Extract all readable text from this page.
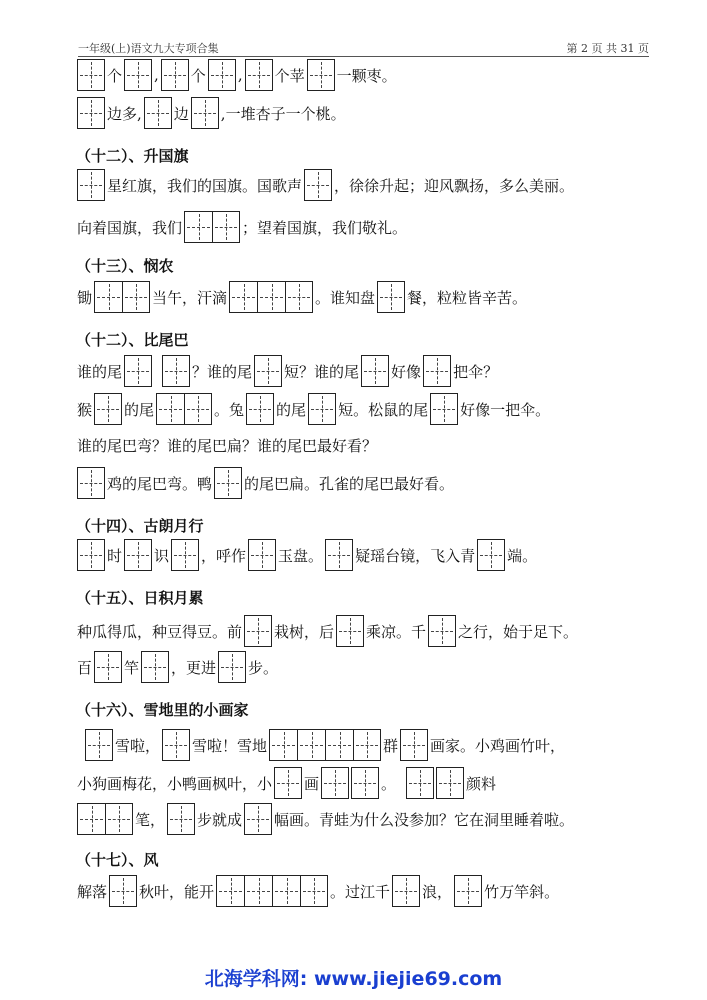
一年级(上)语文九大专项合集	第 2 页 共 31 页
个 , 个 , 个苹 一颗枣。
边多, 边 ,一堆杏子一个桃。
（十二）、升国旗
星红旗，我们的国旗。国歌声 ，徐徐升起；迎风飘扬，多么美丽。
向着国旗，我们	；望着国旗，我们敬礼。
（十三）、悯农
锄	当午，汗滴	。谁知盘 餐，粒粒皆辛苦。
（十二）、比尾巴
谁的尾	？谁的尾 短？谁的尾 好像 把伞？
猴 的尾	。兔 的尾 短。松鼠的尾 好像一把伞。
谁的尾巴弯？谁的尾巴扁？谁的尾巴最好看？
鸡的尾巴弯。鸭 的尾巴扁。孔雀的尾巴最好看。
（十四）、古朗月行
时 识 ，呼作 玉盘。 疑瑶台镜，飞入青 端。
（十五）、日积月累
种瓜得瓜，种豆得豆。前 栽树，后 乘凉。千 之行，始于足下。
百 竿 ，更进 步。
（十六）、雪地里的小画家
雪啦， 雪啦！雪地	群 画家。小鸡画竹叶，
小狗画梅花，小鸭画枫叶，小 画	。	颜料
笔， 步就成 幅画。青蛙为什么没参加？它在洞里睡着啦。
（十七）、风
解落 秋叶，能开	。过江千 浪， 竹万竿斜。
北海学科网: www.jiejie69.com
